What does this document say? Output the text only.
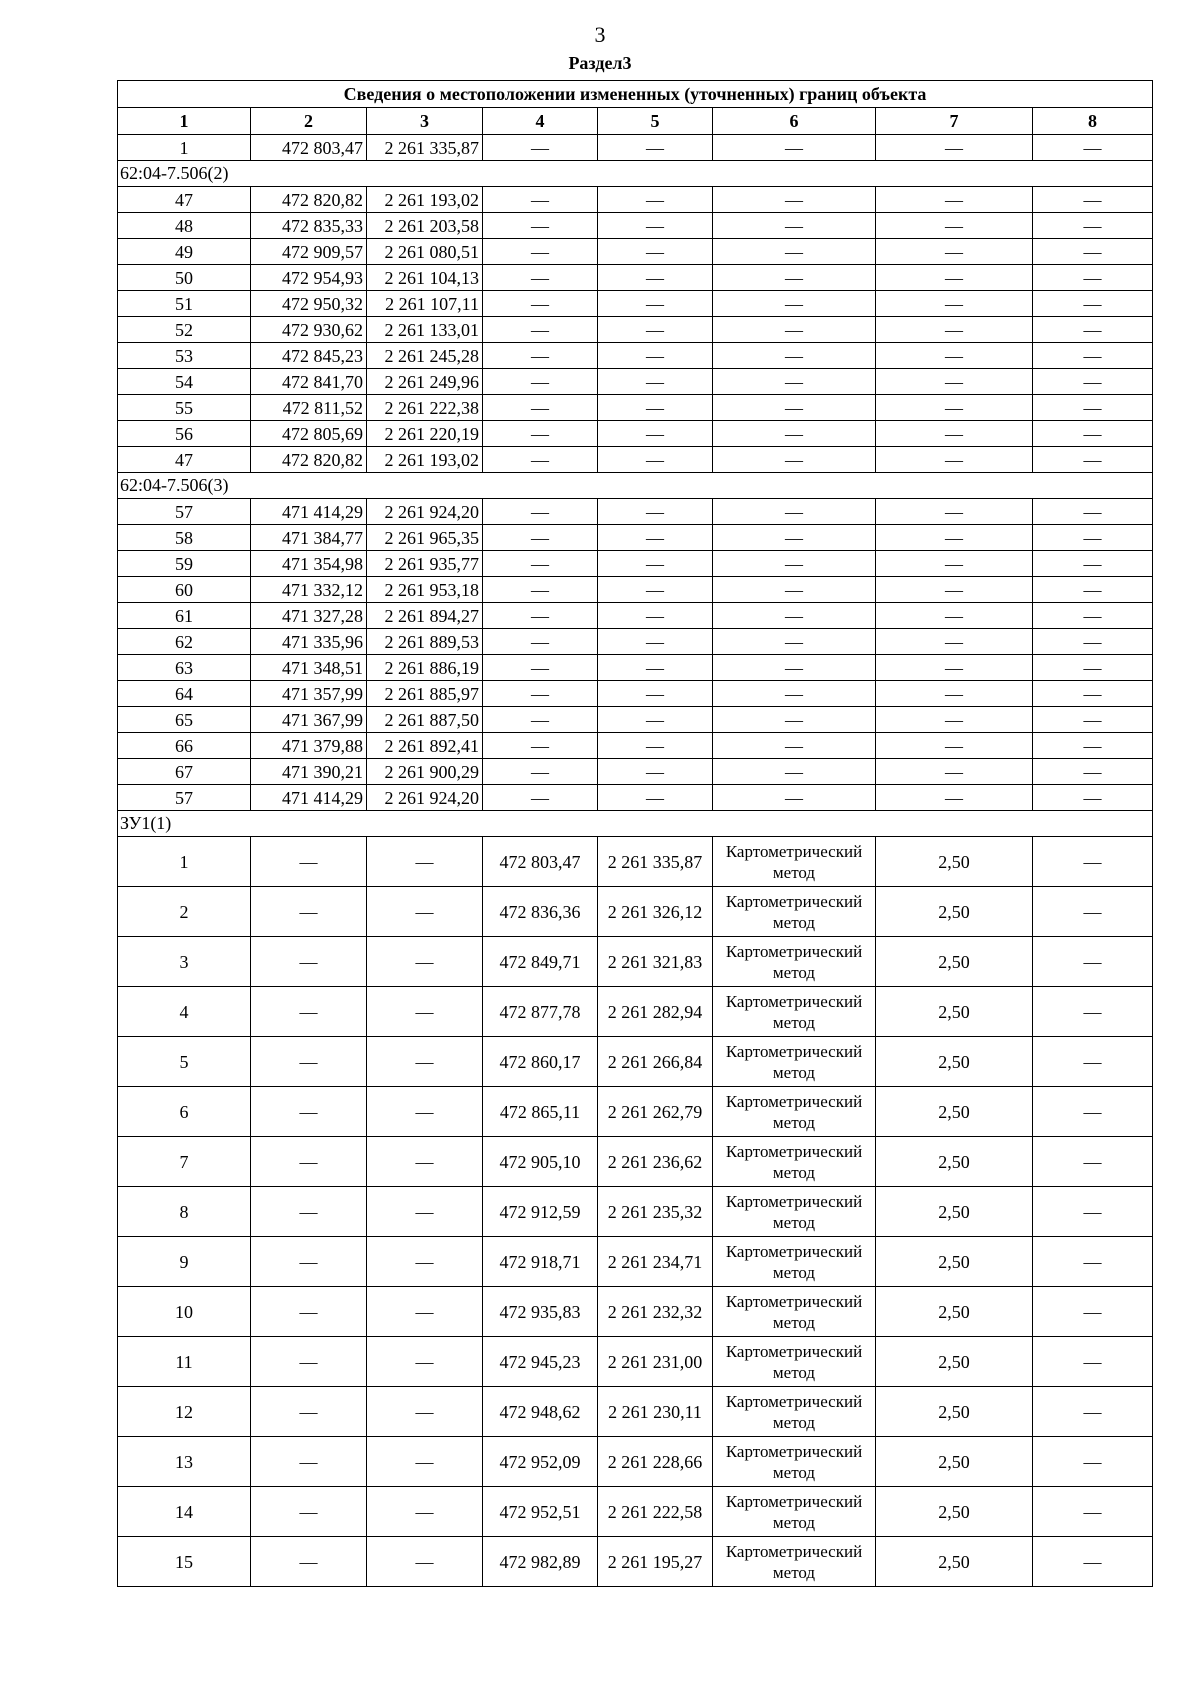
3
Раздел3
Сведения о местоположении измененных (уточненных) границ объекта							
1	2	3	4	5	6	7	8
1	472 803,47	2 261 335,87	—	—	—	—	—
62:04-7.506(2)							
47	472 820,82	2 261 193,02	—	—	—	—	—
48	472 835,33	2 261 203,58	—	—	—	—	—
49	472 909,57	2 261 080,51	—	—	—	—	—
50	472 954,93	2 261 104,13	—	—	—	—	—
51	472 950,32	2 261 107,11	—	—	—	—	—
52	472 930,62	2 261 133,01	—	—	—	—	—
53	472 845,23	2 261 245,28	—	—	—	—	—
54	472 841,70	2 261 249,96	—	—	—	—	—
55	472 811,52	2 261 222,38	—	—	—	—	—
56	472 805,69	2 261 220,19	—	—	—	—	—
47	472 820,82	2 261 193,02	—	—	—	—	—
62:04-7.506(3)							
57	471 414,29	2 261 924,20	—	—	—	—	—
58	471 384,77	2 261 965,35	—	—	—	—	—
59	471 354,98	2 261 935,77	—	—	—	—	—
60	471 332,12	2 261 953,18	—	—	—	—	—
61	471 327,28	2 261 894,27	—	—	—	—	—
62	471 335,96	2 261 889,53	—	—	—	—	—
63	471 348,51	2 261 886,19	—	—	—	—	—
64	471 357,99	2 261 885,97	—	—	—	—	—
65	471 367,99	2 261 887,50	—	—	—	—	—
66	471 379,88	2 261 892,41	—	—	—	—	—
67	471 390,21	2 261 900,29	—	—	—	—	—
57	471 414,29	2 261 924,20	—	—	—	—	—
ЗУ1(1)							
1	—	—	472 803,47	2 261 335,87	Картометрический метод	2,50	—
2	—	—	472 836,36	2 261 326,12	Картометрический метод	2,50	—
3	—	—	472 849,71	2 261 321,83	Картометрический метод	2,50	—
4	—	—	472 877,78	2 261 282,94	Картометрический метод	2,50	—
5	—	—	472 860,17	2 261 266,84	Картометрический метод	2,50	—
6	—	—	472 865,11	2 261 262,79	Картометрический метод	2,50	—
7	—	—	472 905,10	2 261 236,62	Картометрический метод	2,50	—
8	—	—	472 912,59	2 261 235,32	Картометрический метод	2,50	—
9	—	—	472 918,71	2 261 234,71	Картометрический метод	2,50	—
10	—	—	472 935,83	2 261 232,32	Картометрический метод	2,50	—
11	—	—	472 945,23	2 261 231,00	Картометрический метод	2,50	—
12	—	—	472 948,62	2 261 230,11	Картометрический метод	2,50	—
13	—	—	472 952,09	2 261 228,66	Картометрический метод	2,50	—
14	—	—	472 952,51	2 261 222,58	Картометрический метод	2,50	—
15	—	—	472 982,89	2 261 195,27	Картометрический метод	2,50	—
